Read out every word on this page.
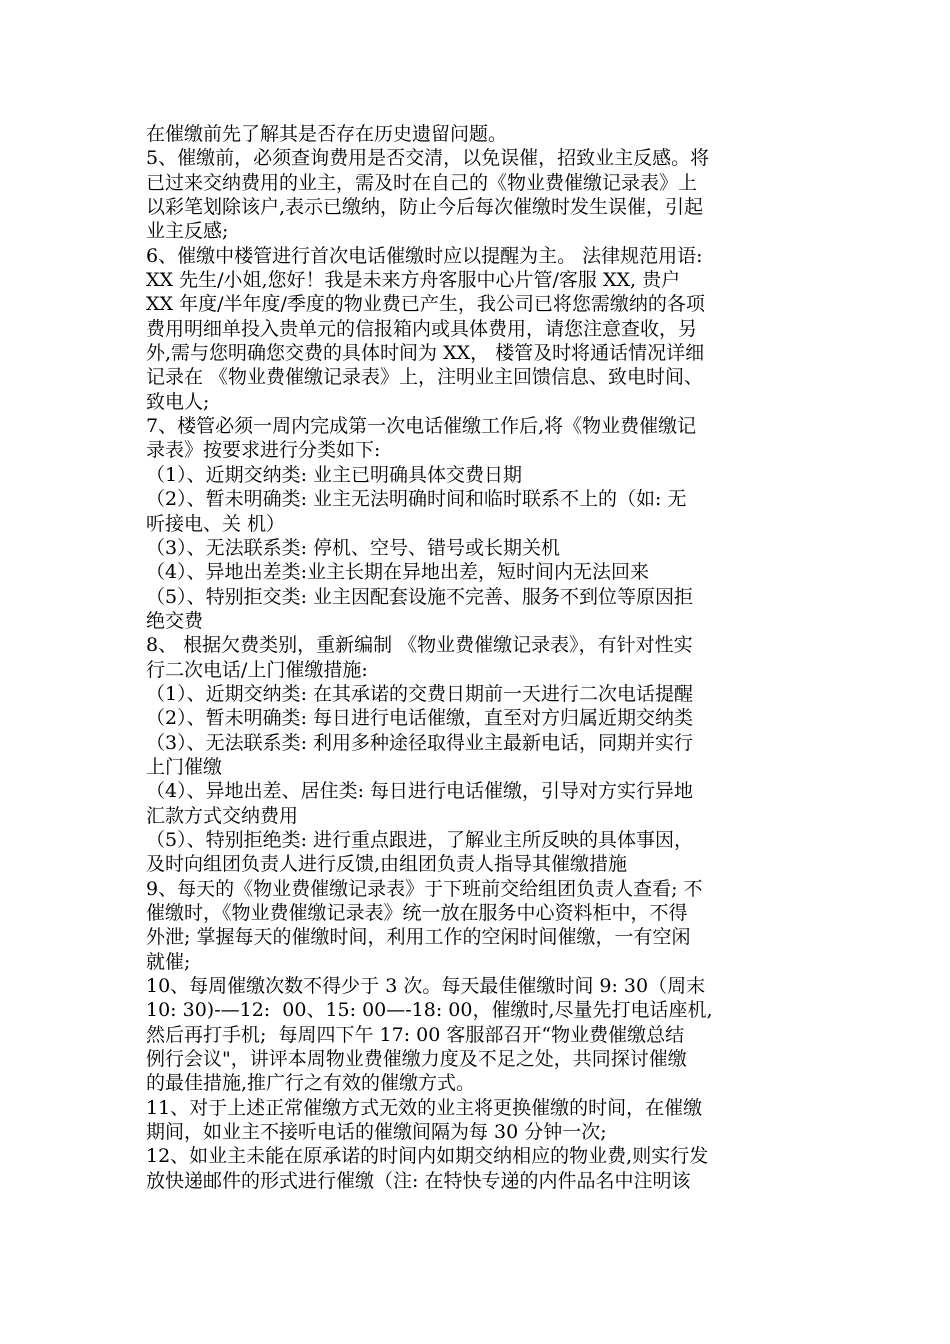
在催缴前先了解其是否存在历史遗留问题。
5、催缴前，必须查询费用是否交清，以免误催，招致业主反感。将
已过来交纳费用的业主，需及时在自己的《物业费催缴记录表》上
以彩笔划除该户,表示已缴纳，防止今后每次催缴时发生误催，引起
业主反感;
6、催缴中楼管进行首次电话催缴时应以提醒为主。 法律规范用语:
XX 先生/小姐,您好！我是未来方舟客服中心片管/客服 XX, 贵户
XX 年度/半年度/季度的物业费已产生，我公司已将您需缴纳的各项
费用明细单投入贵单元的信报箱内或具体费用，请您注意查收，另
外,需与您明确您交费的具体时间为 XX， 楼管及时将通话情况详细
记录在 《物业费催缴记录表》上，注明业主回馈信息、致电时间、
致电人;
7、楼管必须一周内完成第一次电话催缴工作后,将《物业费催缴记
录表》按要求进行分类如下:
（1）、近期交纳类: 业主已明确具体交费日期
（2）、暂未明确类: 业主无法明确时间和临时联系不上的（如: 无
听接电、关 机）
（3）、无法联系类: 停机、空号、错号或长期关机
（4）、异地出差类:业主长期在异地出差，短时间内无法回来
（5）、特别拒交类: 业主因配套设施不完善、服务不到位等原因拒
绝交费
8、 根据欠费类别，重新编制 《物业费催缴记录表》，有针对性实
行二次电话/上门催缴措施:
（1）、近期交纳类: 在其承诺的交费日期前一天进行二次电话提醒
（2）、暂未明确类: 每日进行电话催缴，直至对方归属近期交纳类
（3）、无法联系类: 利用多种途径取得业主最新电话，同期并实行
上门催缴
（4）、异地出差、居住类: 每日进行电话催缴，引导对方实行异地
汇款方式交纳费用
（5）、特别拒绝类: 进行重点跟进，了解业主所反映的具体事因，
及时向组团负责人进行反馈,由组团负责人指导其催缴措施
9、每天的《物业费催缴记录表》于下班前交给组团负责人查看; 不
催缴时，《物业费催缴记录表》统一放在服务中心资料柜中，不得
外泄; 掌握每天的催缴时间，利用工作的空闲时间催缴，一有空闲
就催;
10、每周催缴次数不得少于 3 次。每天最佳催缴时间 9: 30（周末
10: 30)-—12:  00、15: 00—-18: 00，催缴时,尽量先打电话座机,
然后再打手机;  每周四下午 17: 00 客服部召开“物业费催缴总结
例行会议"，讲评本周物业费催缴力度及不足之处，共同探讨催缴
的最佳措施,推广行之有效的催缴方式。
11、对于上述正常催缴方式无效的业主将更换催缴的时间，在催缴
期间，如业主不接听电话的催缴间隔为每 30 分钟一次;
12、如业主未能在原承诺的时间内如期交纳相应的物业费,则实行发
放快递邮件的形式进行催缴（注: 在特快专递的内件品名中注明该
